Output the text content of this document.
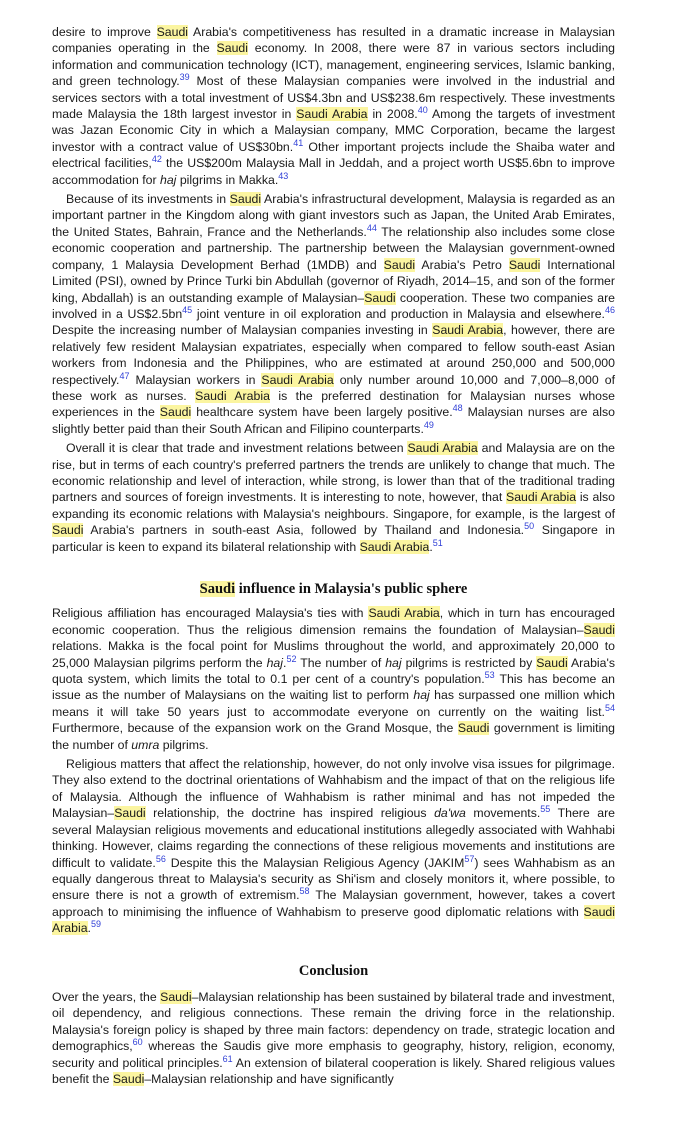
desire to improve Saudi Arabia's competitiveness has resulted in a dramatic increase in Malaysian companies operating in the Saudi economy. In 2008, there were 87 in various sectors including information and communication technology (ICT), management, engineering services, Islamic banking, and green technology.$^{39}$ Most of these Malaysian companies were involved in the industrial and services sectors with a total investment of US$4.3bn and US$238.6m respectively. These investments made Malaysia the 18th largest investor in Saudi Arabia in 2008.40 Among the targets of investment was Jazan Economic City in which a Malaysian company, MMC Corporation, became the largest investor with a contract value of US$30bn.$^{41}$ Other important projects include the Shaiba water and electrical facilities,$^{42}$ the US$200m Malaysia Mall in Jeddah, and a project worth US$5.6bn to improve accommodation for haj pilgrims in Makka.$^{43}$

Because of its investments in Saudi Arabia's infrastructural development, Malaysia is regarded as an important partner in the Kingdom along with giant investors such as Japan, the United Arab Emirates, the United States, Bahrain, France and the Netherlands.$^{44}$ The relationship also includes some close economic cooperation and partnership. The partnership between the Malaysian government-owned company, 1 Malaysia Development Berhad (1MDB) and Saudi Arabia's Petro Saudi International Limited (PSI), owned by Prince Turki bin Abdullah (governor of Riyadh, 2014–15, and son of the former king, Abdallah) is an outstanding example of Malaysian–Saudi cooperation. These two companies are involved in a US$2.5bn$^{45}$ joint venture in oil exploration and production in Malaysia and elsewhere.$^{46}$ Despite the increasing number of Malaysian companies investing in Saudi Arabia, however, there are relatively few resident Malaysian expatriates, especially when compared to fellow south-east Asian workers from Indonesia and the Philippines, who are estimated at around 250,000 and 500,000 respectively.$^{47}$ Malaysian workers in Saudi Arabia only number around 10,000 and 7,000–8,000 of these work as nurses. Saudi Arabia is the preferred destination for Malaysian nurses whose experiences in the Saudi healthcare system have been largely positive.$^{48}$ Malaysian nurses are also slightly better paid than their South African and Filipino counterparts.$^{49}$

Overall it is clear that trade and investment relations between Saudi Arabia and Malaysia are on the rise, but in terms of each country's preferred partners the trends are unlikely to change that much. The economic relationship and level of interaction, while strong, is lower than that of the traditional trading partners and sources of foreign investments. It is interesting to note, however, that Saudi Arabia is also expanding its economic relations with Malaysia's neighbours. Singapore, for example, is the largest of Saudi Arabia's partners in south-east Asia, followed by Thailand and Indonesia.$^{50}$ Singapore in particular is keen to expand its bilateral relationship with Saudi Arabia.$^{51}$

Saudi influence in Malaysia's public sphere

Religious affiliation has encouraged Malaysia's ties with Saudi Arabia, which in turn has encouraged economic cooperation. Thus the religious dimension remains the foundation of Malaysian–Saudi relations. Makka is the focal point for Muslims throughout the world, and approximately 20,000 to 25,000 Malaysian pilgrims perform the haj.$^{52}$ The number of haj pilgrims is restricted by Saudi Arabia's quota system, which limits the total to 0.1 per cent of a country's population.$^{53}$ This has become an issue as the number of Malaysians on the waiting list to perform haj has surpassed one million which means it will take 50 years just to accommodate everyone on currently on the waiting list.$^{54}$ Furthermore, because of the expansion work on the Grand Mosque, the Saudi government is limiting the number of umra pilgrims.

Religious matters that affect the relationship, however, do not only involve visa issues for pilgrimage. They also extend to the doctrinal orientations of Wahhabism and the impact of that on the religious life of Malaysia. Although the influence of Wahhabism is rather minimal and has not impeded the Malaysian–Saudi relationship, the doctrine has inspired religious da'wa movements.$^{55}$ There are several Malaysian religious movements and educational institutions allegedly associated with Wahhabi thinking. However, claims regarding the connections of these religious movements and institutions are difficult to validate.$^{56}$ Despite this the Malaysian Religious Agency (JAKIM$^{57}$) sees Wahhabism as an equally dangerous threat to Malaysia's security as Shi'ism and closely monitors it, where possible, to ensure there is not a growth of extremism.$^{58}$ The Malaysian government, however, takes a covert approach to minimising the influence of Wahhabism to preserve good diplomatic relations with Saudi Arabia.$^{59}$

Conclusion

Over the years, the Saudi–Malaysian relationship has been sustained by bilateral trade and investment, oil dependency, and religious connections. These remain the driving force in the relationship. Malaysia's foreign policy is shaped by three main factors: dependency on trade, strategic location and demographics,$^{60}$ whereas the Saudis give more emphasis to geography, history, religion, economy, security and political principles.$^{61}$ An extension of bilateral cooperation is likely. Shared religious values benefit the Saudi–Malaysian relationship and have significantly
